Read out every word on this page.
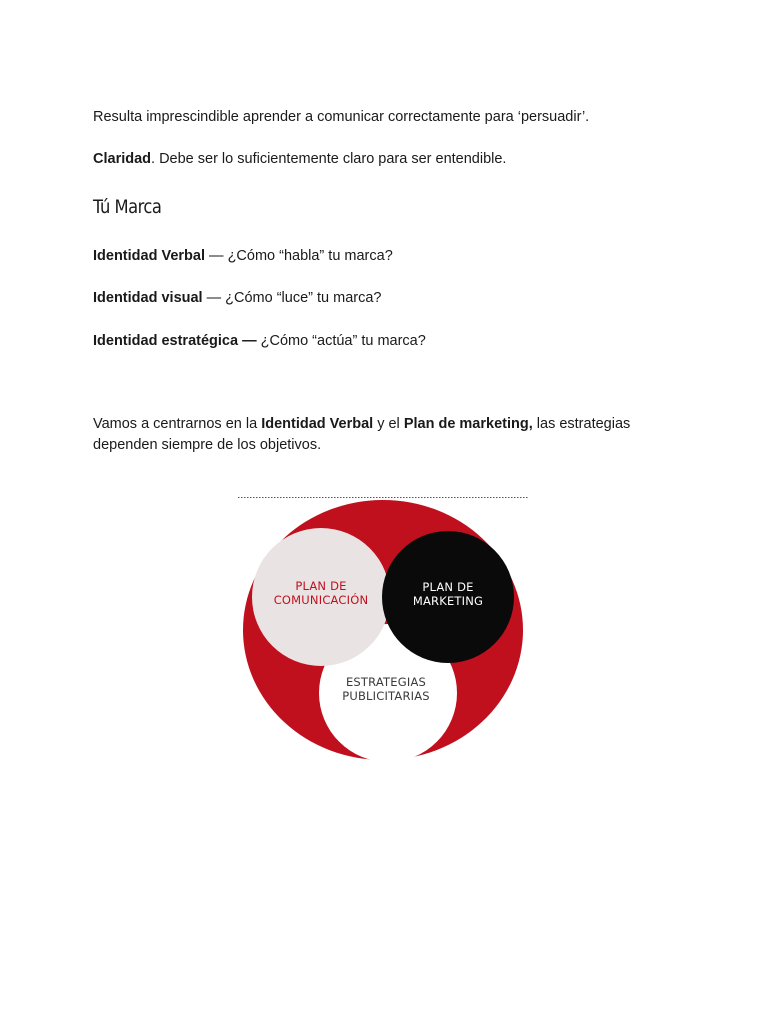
Resulta imprescindible aprender a comunicar correctamente para ‘persuadir’.

Claridad. Debe ser lo suficientemente claro para ser entendible.

Tú Marca

Identidad Verbal — ¿Cómo “habla” tu marca?

Identidad visual — ¿Cómo “luce” tu marca?

Identidad estratégica — ¿Cómo “actúa” tu marca?

Vamos a centrarnos en la Identidad Verbal y el Plan de marketing, las estrategias dependen siempre de los objetivos.

PLAN DE
COMUNICACIÓN
PLAN DE
MARKETING
ESTRATEGIAS
PUBLICITARIAS
